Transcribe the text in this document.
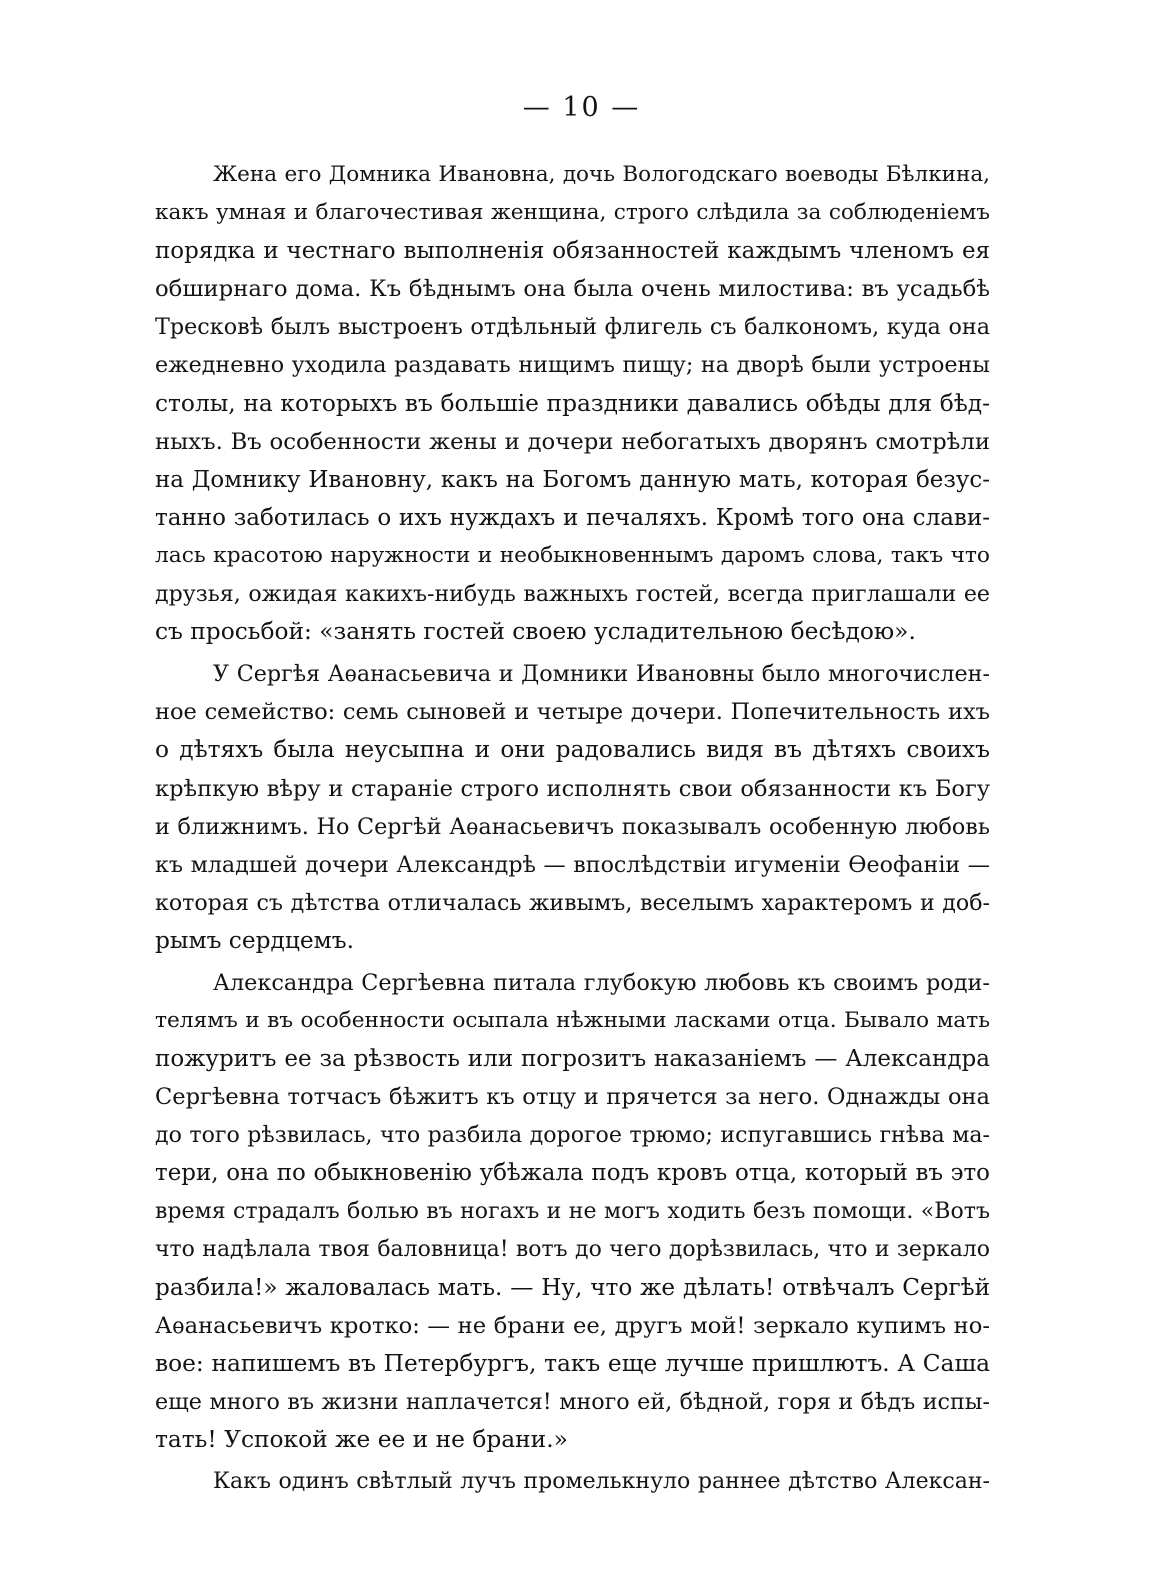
— 10 —
Жена его Домника Ивановна, дочь Вологодскаго воеводы Бѣлкина,
какъ умная и благочестивая женщина, строго слѣдила за соблюденіемъ
порядка и честнаго выполненія обязанностей каждымъ членомъ ея
обширнаго дома. Къ бѣднымъ она была очень милостива: въ усадьбѣ
Тресковѣ былъ выстроенъ отдѣльный флигель съ балкономъ, куда она
ежедневно уходила раздавать нищимъ пищу; на дворѣ были устроены
столы, на которыхъ въ большіе праздники давались обѣды для бѣд-
ныхъ. Въ особенности жены и дочери небогатыхъ дворянъ смотрѣли
на Домнику Ивановну, какъ на Богомъ данную мать, которая безус-
танно заботилась о ихъ нуждахъ и печаляхъ. Кромѣ того она слави-
лась красотою наружности и необыкновеннымъ даромъ слова, такъ что
друзья, ожидая какихъ-нибудь важныхъ гостей, всегда приглашали ее
съ просьбой: «занять гостей своею усладительною бесѣдою».
У Сергѣя Аѳанасьевича и Домники Ивановны было многочислен-
ное семейство: семь сыновей и четыре дочери. Попечительность ихъ
о дѣтяхъ была неусыпна и они радовались видя въ дѣтяхъ своихъ
крѣпкую вѣру и стараніе строго исполнять свои обязанности къ Богу
и ближнимъ. Но Сергѣй Аѳанасьевичъ показывалъ особенную любовь
къ младшей дочери Александрѣ — впослѣдствіи игуменіи Ѳеофаніи —
которая съ дѣтства отличалась живымъ, веселымъ характеромъ и доб-
рымъ сердцемъ.
Александра Сергѣевна питала глубокую любовь къ своимъ роди-
телямъ и въ особенности осыпала нѣжными ласками отца. Бывало мать
пожуритъ ее за рѣзвость или погрозитъ наказаніемъ — Александра
Сергѣевна тотчасъ бѣжитъ къ отцу и прячется за него. Однажды она
до того рѣзвилась, что разбила дорогое трюмо; испугавшись гнѣва ма-
тери, она по обыкновенію убѣжала подъ кровъ отца, который въ это
время страдалъ болью въ ногахъ и не могъ ходить безъ помощи. «Вотъ
что надѣлала твоя баловница! вотъ до чего дорѣзвилась, что и зеркало
разбила!» жаловалась мать. — Ну, что же дѣлать! отвѣчалъ Сергѣй
Аѳанасьевичъ кротко: — не брани ее, другъ мой! зеркало купимъ но-
вое: напишемъ въ Петербургъ, такъ еще лучше пришлютъ. А Саша
еще много въ жизни наплачется! много ей, бѣдной, горя и бѣдъ испы-
тать! Успокой же ее и не брани.»
Какъ одинъ свѣтлый лучъ промелькнуло раннее дѣтство Алексан-
